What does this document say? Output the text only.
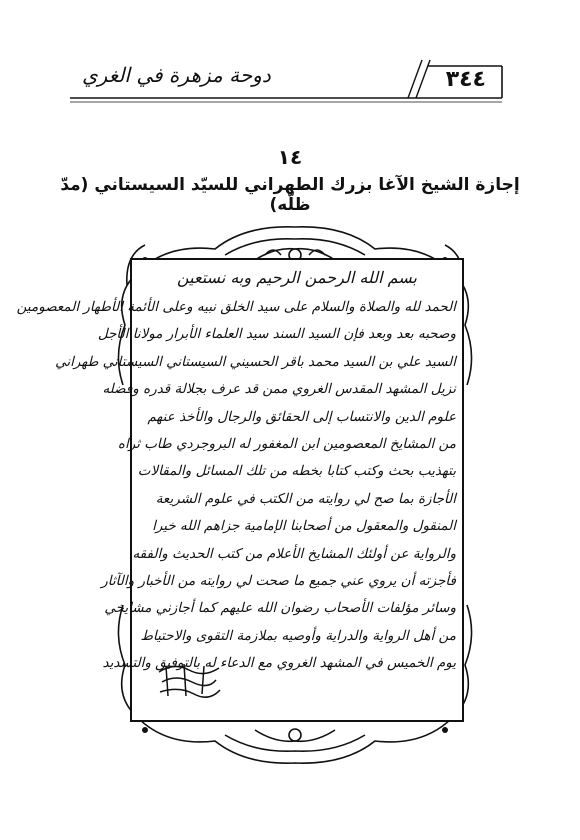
دوحة مزهرة في الغري	٣٤٤
١٤
إجازة الشيخ الآغا بزرك الطهراني للسيّد السيستاني (مدّ ظلّه)
بسم الله الرحمن الرحيم وبه نستعين
الحمد لله والصلاة والسلام على سيد الخلق نبيه وعلى الأئمة الأطهار المعصومين
وصحبه بعد وبعد فإن السيد السند سيد العلماء الأبرار مولانا الأجل
السيد علي بن السيد محمد باقر الحسيني السيستاني السيستاني طهراني
نزيل المشهد المقدس الغروي ممن قد عرف بجلالة قدره وفضله
علوم الدين والانتساب إلى الحقائق والرجال والأخذ عنهم
من المشايخ المعصومين ابن المغفور له البروجردي طاب ثراه
بتهذيب بحث وكتب كتابا بخطه من تلك المسائل والمقالات
الأجازة بما صح لي روايته من الكتب في علوم الشريعة
المنقول والمعقول من أصحابنا الإمامية جزاهم الله خيرا
والرواية عن أولئك المشايخ الأعلام من كتب الحديث والفقه
فأجزته أن يروي عني جميع ما صحت لي روايته من الأخبار والآثار
وسائر مؤلفات الأصحاب رضوان الله عليهم كما أجازني مشايخي
من أهل الرواية والدراية وأوصيه بملازمة التقوى والاحتياط
يوم الخميس في المشهد الغروي مع الدعاء له بالتوفيق والتسديد
